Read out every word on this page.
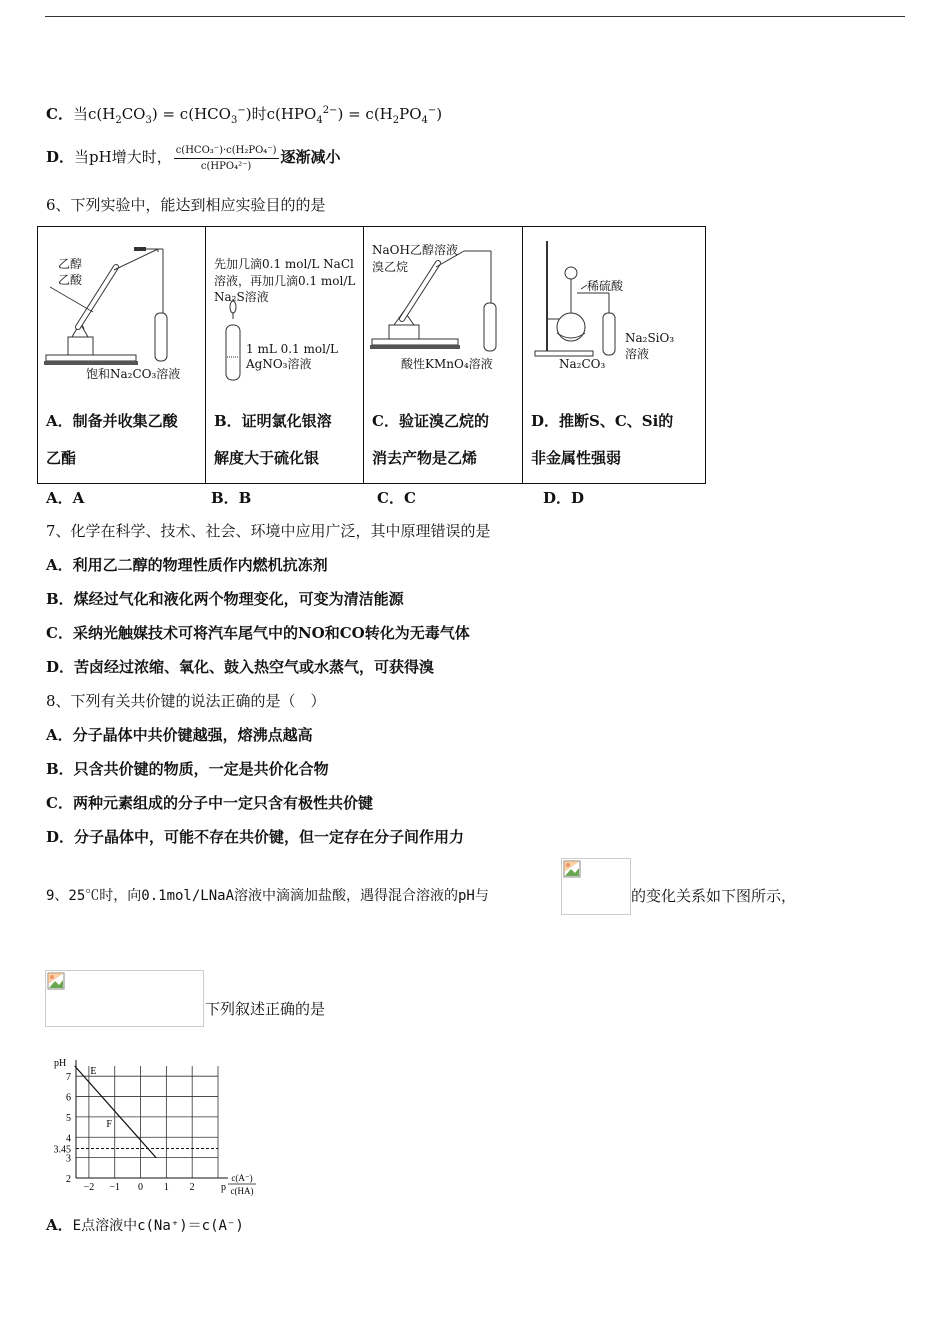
C．当$c(H_2CO_3) = c(HCO_3^-)$时$c(HPO_4^{2-}) = c(H_2PO_4^-)$
D．当pH增大时， $\frac{\text{c(HCO₃⁻)·c(H₂PO₄⁻)}}{\text{c(HPO₄²⁻)}}$ 逐渐减小
6、下列实验中，能达到相应实验目的的是
乙醇
乙酸
饱和Na₂CO₃溶液
A．制备并收集乙酸
乙酯

先加几滴0.1 mol/L NaCl
溶液，再加几滴0.1 mol/L
Na₂S溶液
1 mL 0.1 mol/L
AgNO₃溶液
B．证明氯化银溶
解度大于硫化银

NaOH乙醇溶液
溴乙烷
酸性KMnO₄溶液
C．验证溴乙烷的
消去产物是乙烯

稀硫酸
Na₂SiO₃
溶液
Na₂CO₃
D．推断S、C、Si的
非金属性强弱
A．A	B．B	C．C	D．D
7、化学在科学、技术、社会、环境中应用广泛，其中原理错误的是
A．利用乙二醇的物理性质作内燃机抗冻剂
B．煤经过气化和液化两个物理变化，可变为清洁能源
C．采纳光触媒技术可将汽车尾气中的NO和CO转化为无毒气体
D．苦卤经过浓缩、氧化、鼓入热空气或水蒸气，可获得溴
8、下列有关共价键的说法正确的是（　）
A．分子晶体中共价键越强，熔沸点越高
B．只含共价键的物质，一定是共价化合物
C．两种元素组成的分子中一定只含有极性共价键
D．分子晶体中，可能不存在共价键，但一定存在分子间作用力
9、25℃时，向0.1mol/LNaA溶液中滴滴加盐酸，遇得混合溶液的pH与	的变化关系如下图所示，
下列叙述正确的是
7
6
5
4
3.45
3
2
−2 −1 0 1 2
pH
p
c(A⁻)
c(HA)
E
F
A．E点溶液中c(Na⁺)＝c(A⁻)
